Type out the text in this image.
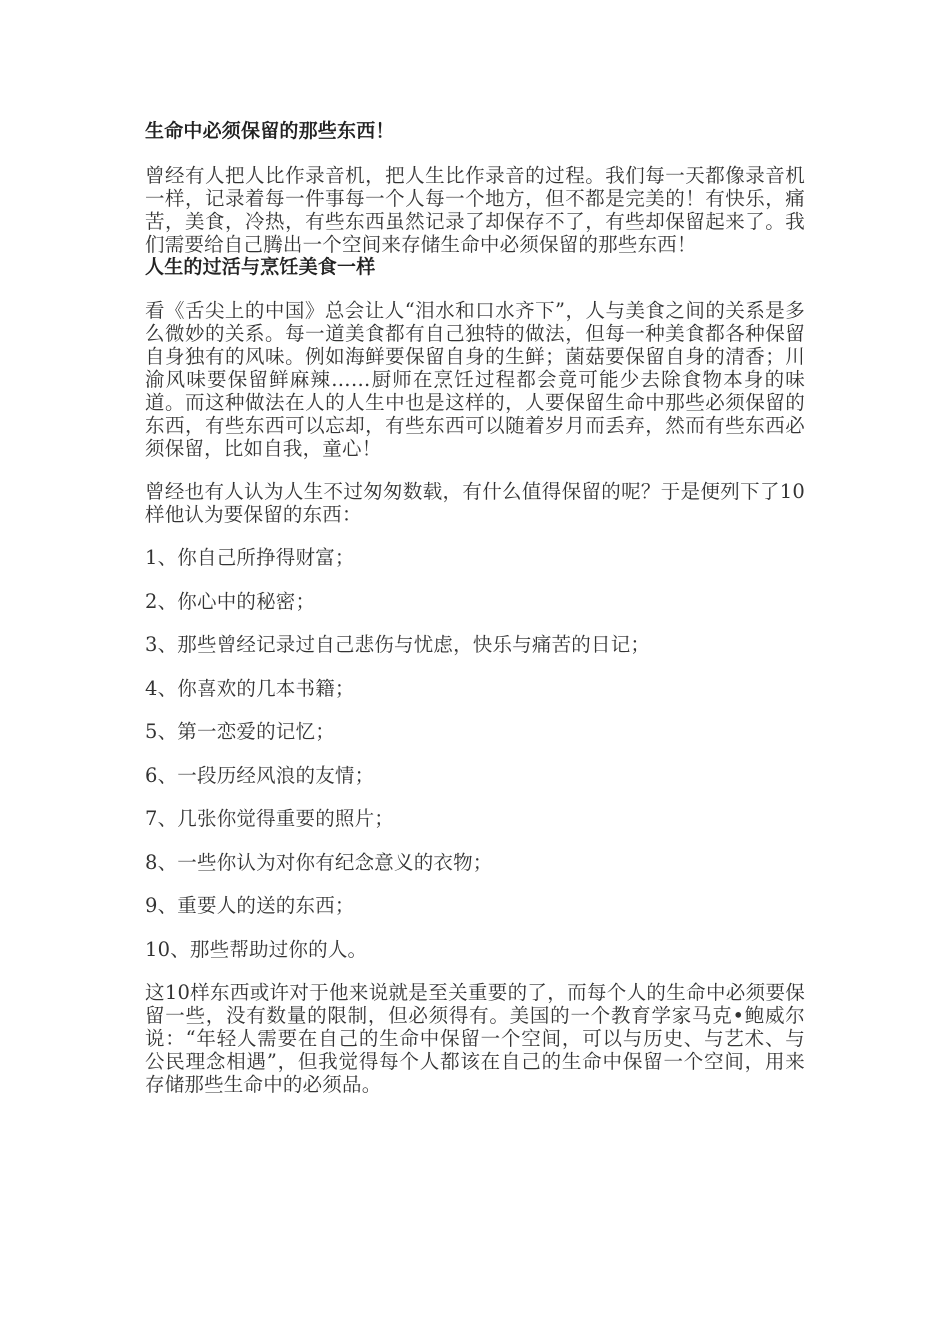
生命中必须保留的那些东西！

曾经有人把人比作录音机，把人生比作录音的过程。我们每一天都像录音机一样，记录着每一件事每一个人每一个地方，但不都是完美的！有快乐，痛苦，美食，冷热，有些东西虽然记录了却保存不了，有些却保留起来了。我们需要给自己腾出一个空间来存储生命中必须保留的那些东西！

人生的过活与烹饪美食一样

看《舌尖上的中国》总会让人“泪水和口水齐下”，人与美食之间的关系是多么微妙的关系。每一道美食都有自己独特的做法，但每一种美食都各种保留自身独有的风味。例如海鲜要保留自身的生鲜；菌菇要保留自身的清香；川渝风味要保留鲜麻辣……厨师在烹饪过程都会竟可能少去除食物本身的味道。而这种做法在人的人生中也是这样的，人要保留生命中那些必须保留的东西，有些东西可以忘却，有些东西可以随着岁月而丢弃，然而有些东西必须保留，比如自我，童心！

曾经也有人认为人生不过匆匆数载，有什么值得保留的呢？于是便列下了10样他认为要保留的东西：

1、你自己所挣得财富；
2、你心中的秘密；
3、那些曾经记录过自己悲伤与忧虑，快乐与痛苦的日记；
4、你喜欢的几本书籍；
5、第一恋爱的记忆；
6、一段历经风浪的友情；
7、几张你觉得重要的照片；
8、一些你认为对你有纪念意义的衣物；
9、重要人的送的东西；
10、那些帮助过你的人。

这10样东西或许对于他来说就是至关重要的了，而每个人的生命中必须要保留一些，没有数量的限制，但必须得有。美国的一个教育学家马克•鲍威尔说：“年轻人需要在自己的生命中保留一个空间，可以与历史、与艺术、与公民理念相遇”，但我觉得每个人都该在自己的生命中保留一个空间，用来存储那些生命中的必须品。
